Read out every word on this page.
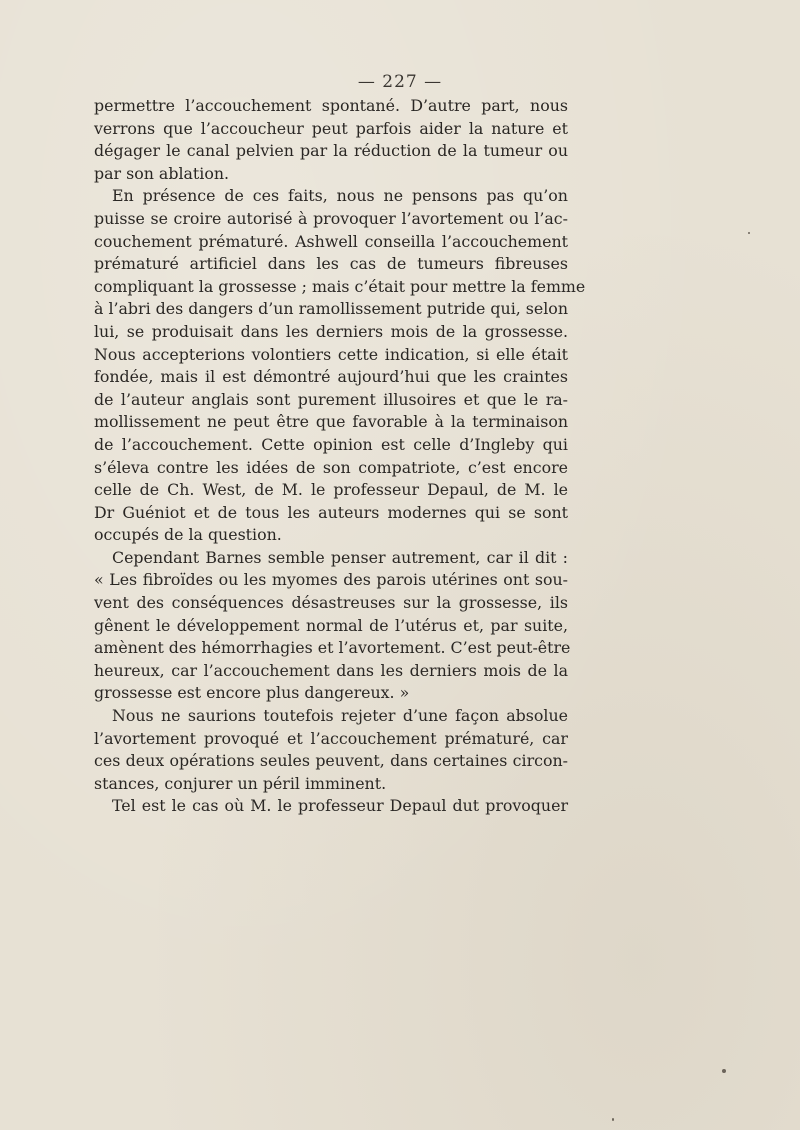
— 227 —
permettre l’accouchement spontané. D’autre part, nous
verrons que l’accoucheur peut parfois aider la nature et
dégager le canal pelvien par la réduction de la tumeur ou
par son ablation.
En présence de ces faits, nous ne pensons pas qu’on
puisse se croire autorisé à provoquer l’avortement ou l’ac-
couchement prématuré. Ashwell conseilla l’accouchement
prématuré artificiel dans les cas de tumeurs fibreuses
compliquant la grossesse ; mais c’était pour mettre la femme
à l’abri des dangers d’un ramollissement putride qui, selon
lui, se produisait dans les derniers mois de la grossesse.
Nous accepterions volontiers cette indication, si elle était
fondée, mais il est démontré aujourd’hui que les craintes
de l’auteur anglais sont purement illusoires et que le ra-
mollissement ne peut être que favorable à la terminaison
de l’accouchement. Cette opinion est celle d’Ingleby qui
s’éleva contre les idées de son compatriote, c’est encore
celle de Ch. West, de M. le professeur Depaul, de M. le
Dr Guéniot et de tous les auteurs modernes qui se sont
occupés de la question.
Cependant Barnes semble penser autrement, car il dit :
« Les fibroïdes ou les myomes des parois utérines ont sou-
vent des conséquences désastreuses sur la grossesse, ils
gênent le développement normal de l’utérus et, par suite,
amènent des hémorrhagies et l’avortement. C’est peut-être
heureux, car l’accouchement dans les derniers mois de la
grossesse est encore plus dangereux. »
Nous ne saurions toutefois rejeter d’une façon absolue
l’avortement provoqué et l’accouchement prématuré, car
ces deux opérations seules peuvent, dans certaines circon-
stances, conjurer un péril imminent.
Tel est le cas où M. le professeur Depaul dut provoquer
